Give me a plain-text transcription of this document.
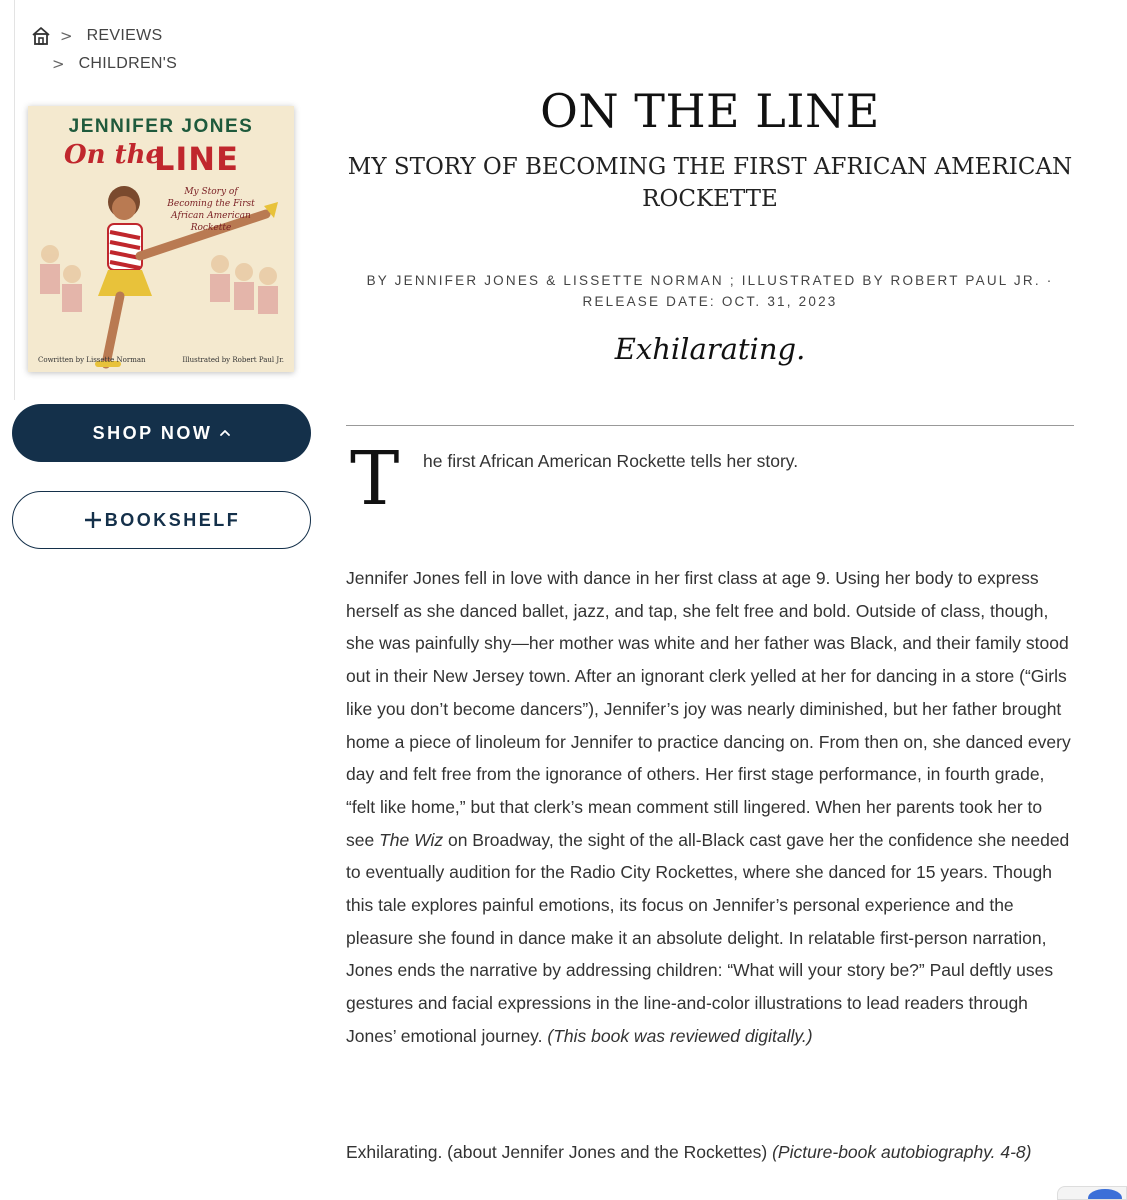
> REVIEWS
> CHILDREN'S
JENNIFER JONES
On the
LINE
My Story of
Becoming the First
African American
Rockette
Cowritten by Lissette Norman	Illustrated by Robert Paul Jr.
SHOP NOW
BOOKSHELF
ON THE LINE
MY STORY OF BECOMING THE FIRST AFRICAN AMERICAN
ROCKETTE
BY JENNIFER JONES & LISSETTE NORMAN ; ILLUSTRATED BY ROBERT PAUL JR. ·
RELEASE DATE: OCT. 31, 2023
Exhilarating.
T he first African American Rockette tells her story.

Jennifer Jones fell in love with dance in her first class at age 9. Using her body to express herself as she danced ballet, jazz, and tap, she felt free and bold. Outside of class, though, she was painfully shy—her mother was white and her father was Black, and their family stood out in their New Jersey town. After an ignorant clerk yelled at her for dancing in a store (“Girls like you don’t become dancers”), Jennifer’s joy was nearly diminished, but her father brought home a piece of linoleum for Jennifer to practice dancing on. From then on, she danced every day and felt free from the ignorance of others. Her first stage performance, in fourth grade, “felt like home,” but that clerk’s mean comment still lingered. When her parents took her to see The Wiz on Broadway, the sight of the all-Black cast gave her the confidence she needed to eventually audition for the Radio City Rockettes, where she danced for 15 years. Though this tale explores painful emotions, its focus on Jennifer’s personal experience and the pleasure she found in dance make it an absolute delight. In relatable first-person narration, Jones ends the narrative by addressing children: “What will your story be?” Paul deftly uses gestures and facial expressions in the line-and-color illustrations to lead readers through Jones’ emotional journey. (This book was reviewed digitally.)

Exhilarating. (about Jennifer Jones and the Rockettes) (Picture-book autobiography. 4-8)
